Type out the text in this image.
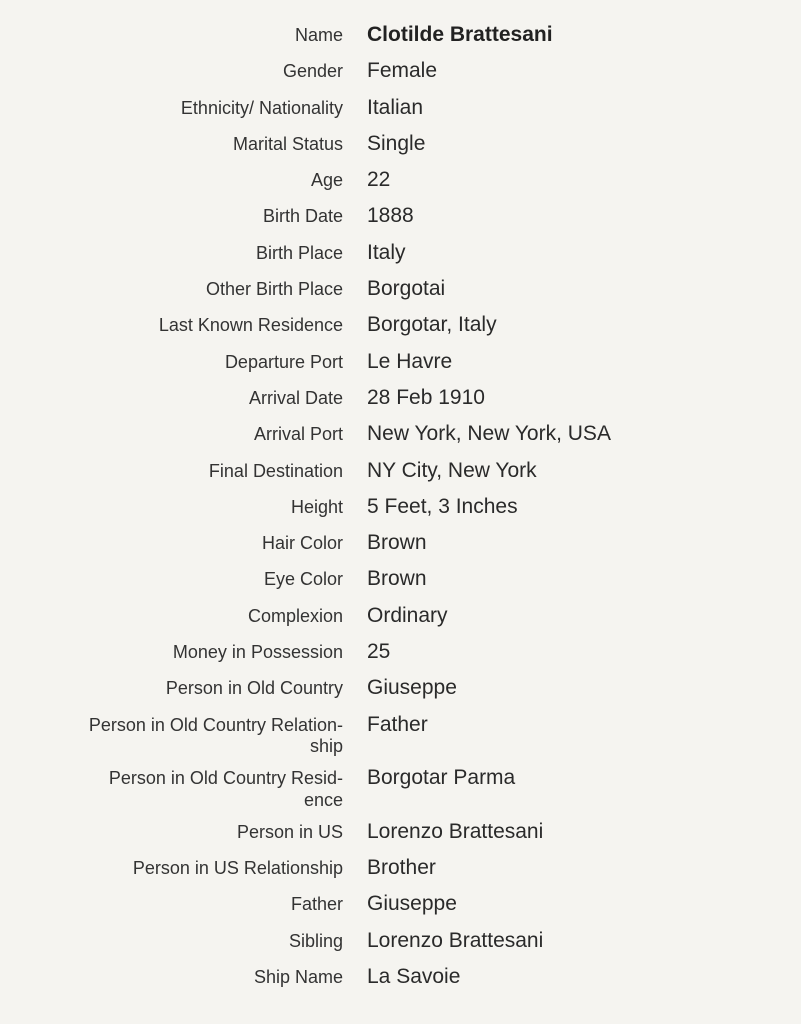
Name Clotilde Brattesani
Gender Female
Ethnicity/ Nationality Italian
Marital Status Single
Age 22
Birth Date 1888
Birth Place Italy
Other Birth Place Borgotai
Last Known Residence Borgotar, Italy
Departure Port Le Havre
Arrival Date 28 Feb 1910
Arrival Port New York, New York, USA
Final Destination NY City, New York
Height 5 Feet, 3 Inches
Hair Color Brown
Eye Color Brown
Complexion Ordinary
Money in Possession 25
Person in Old Country Giuseppe
Person in Old Country Relation-
ship
Father
Person in Old Country Resid-
ence
Borgotar Parma
Person in US Lorenzo Brattesani
Person in US Relationship Brother
Father Giuseppe
Sibling Lorenzo Brattesani
Ship Name La Savoie
